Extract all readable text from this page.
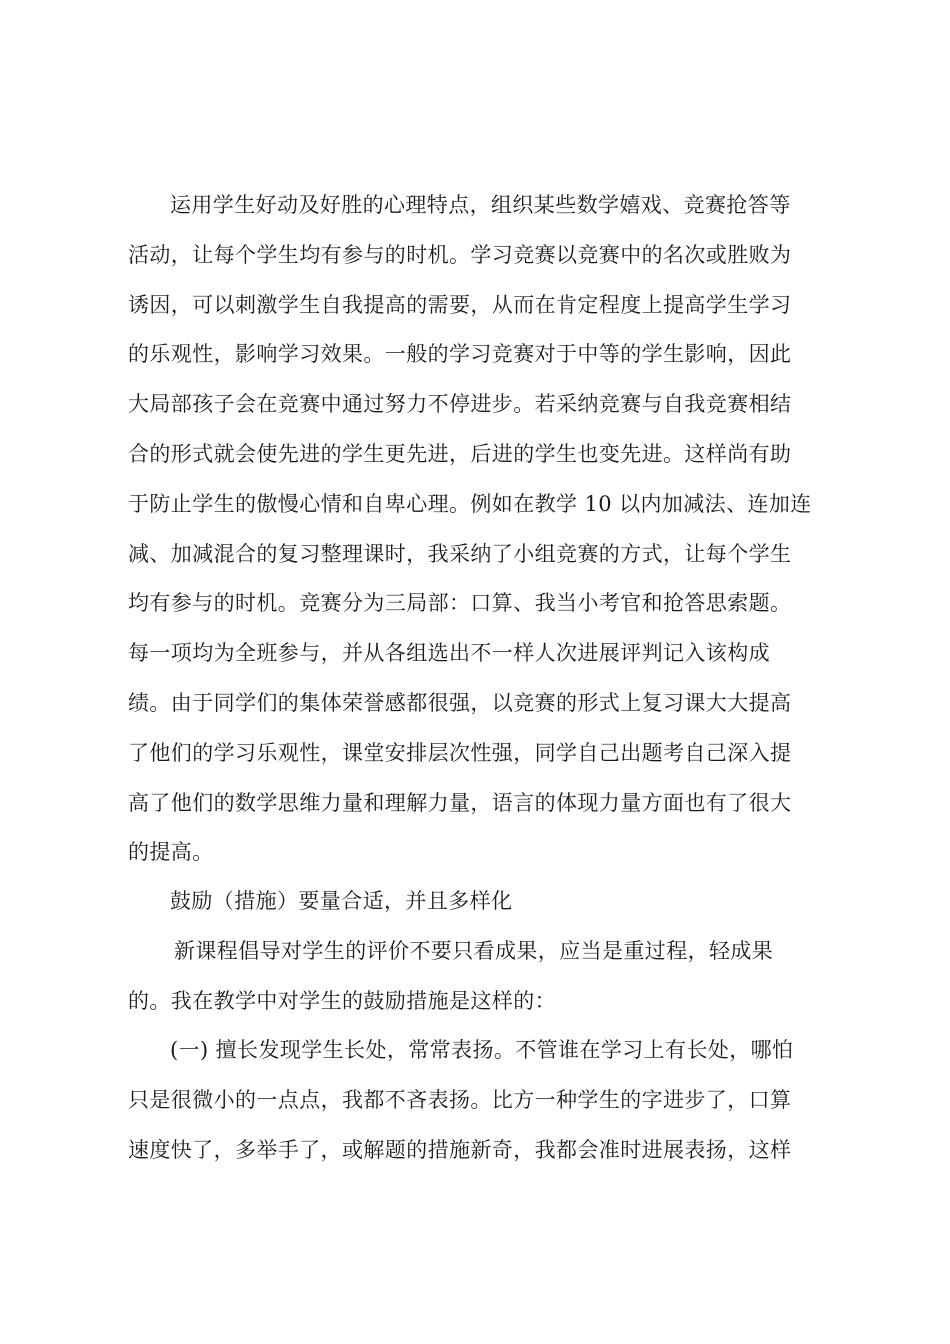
运用学生好动及好胜的心理特点，组织某些数学嬉戏、竞赛抢答等
活动，让每个学生均有参与的时机。学习竞赛以竞赛中的名次或胜败为
诱因，可以刺激学生自我提高的需要，从而在肯定程度上提高学生学习
的乐观性，影响学习效果。一般的学习竞赛对于中等的学生影响，因此
大局部孩子会在竞赛中通过努力不停进步。若采纳竞赛与自我竞赛相结
合的形式就会使先进的学生更先进，后进的学生也变先进。这样尚有助
于防止学生的傲慢心情和自卑心理。例如在教学 10 以内加减法、连加连
减、加减混合的复习整理课时，我采纳了小组竞赛的方式，让每个学生
均有参与的时机。竞赛分为三局部：口算、我当小考官和抢答思索题。
每一项均为全班参与，并从各组选出不一样人次进展评判记入该构成
绩。由于同学们的集体荣誉感都很强，以竞赛的形式上复习课大大提高
了他们的学习乐观性，课堂安排层次性强，同学自己出题考自己深入提
高了他们的数学思维力量和理解力量，语言的体现力量方面也有了很大
的提高。
鼓励（措施）要量合适，并且多样化
新课程倡导对学生的评价不要只看成果，应当是重过程，轻成果
的。我在教学中对学生的鼓励措施是这样的：
(一) 擅长发现学生长处，常常表扬。不管谁在学习上有长处，哪怕
只是很微小的一点点，我都不吝表扬。比方一种学生的字进步了，口算
速度快了，多举手了，或解题的措施新奇，我都会准时进展表扬，这样
